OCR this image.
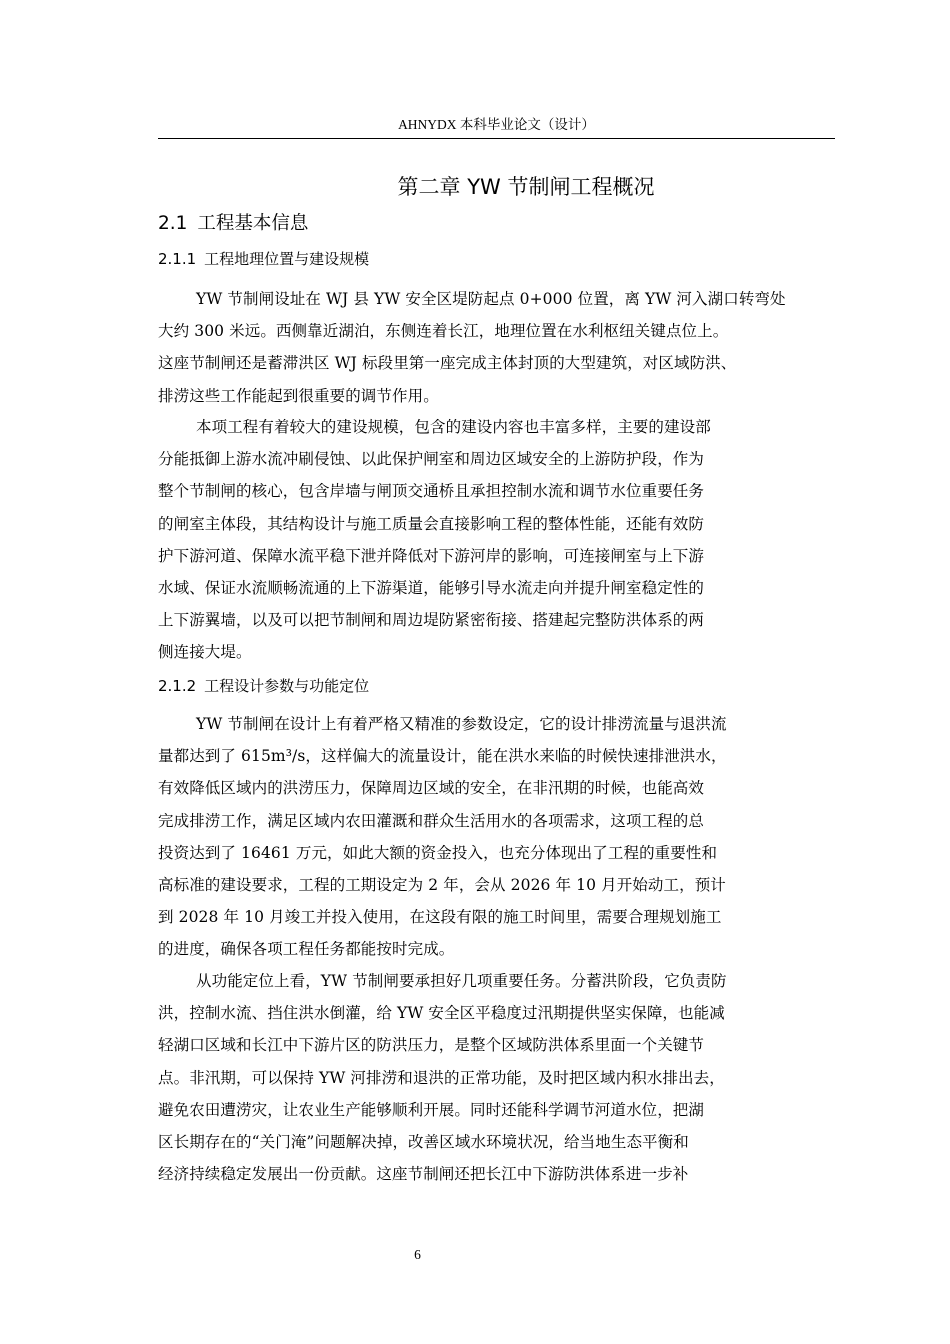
AHNYDX 本科毕业论文（设计）
第二章 YW 节制闸工程概况
2.1 工程基本信息
2.1.1 工程地理位置与建设规模
YW 节制闸设址在 WJ 县 YW 安全区堤防起点 0+000 位置，离 YW 河入湖口转弯处
大约 300 米远。西侧靠近湖泊，东侧连着长江，地理位置在水利枢纽关键点位上。
这座节制闸还是蓄滞洪区 WJ 标段里第一座完成主体封顶的大型建筑，对区域防洪、
排涝这些工作能起到很重要的调节作用。
本项工程有着较大的建设规模，包含的建设内容也丰富多样，主要的建设部
分能抵御上游水流冲刷侵蚀、以此保护闸室和周边区域安全的上游防护段，作为
整个节制闸的核心，包含岸墙与闸顶交通桥且承担控制水流和调节水位重要任务
的闸室主体段，其结构设计与施工质量会直接影响工程的整体性能，还能有效防
护下游河道、保障水流平稳下泄并降低对下游河岸的影响，可连接闸室与上下游
水域、保证水流顺畅流通的上下游渠道，能够引导水流走向并提升闸室稳定性的
上下游翼墙，以及可以把节制闸和周边堤防紧密衔接、搭建起完整防洪体系的两
侧连接大堤。
2.1.2 工程设计参数与功能定位
YW 节制闸在设计上有着严格又精准的参数设定，它的设计排涝流量与退洪流
量都达到了 615m³/s，这样偏大的流量设计，能在洪水来临的时候快速排泄洪水，
有效降低区域内的洪涝压力，保障周边区域的安全，在非汛期的时候，也能高效
完成排涝工作，满足区域内农田灌溉和群众生活用水的各项需求，这项工程的总
投资达到了 16461 万元，如此大额的资金投入，也充分体现出了工程的重要性和
高标准的建设要求，工程的工期设定为 2 年，会从 2026 年 10 月开始动工，预计
到 2028 年 10 月竣工并投入使用，在这段有限的施工时间里，需要合理规划施工
的进度，确保各项工程任务都能按时完成。
从功能定位上看，YW 节制闸要承担好几项重要任务。分蓄洪阶段，它负责防
洪，控制水流、挡住洪水倒灌，给 YW 安全区平稳度过汛期提供坚实保障，也能减
轻湖口区域和长江中下游片区的防洪压力，是整个区域防洪体系里面一个关键节
点。非汛期，可以保持 YW 河排涝和退洪的正常功能，及时把区域内积水排出去，
避免农田遭涝灾，让农业生产能够顺利开展。同时还能科学调节河道水位，把湖
区长期存在的“关门淹”问题解决掉，改善区域水环境状况，给当地生态平衡和
经济持续稳定发展出一份贡献。这座节制闸还把长江中下游防洪体系进一步补
6
